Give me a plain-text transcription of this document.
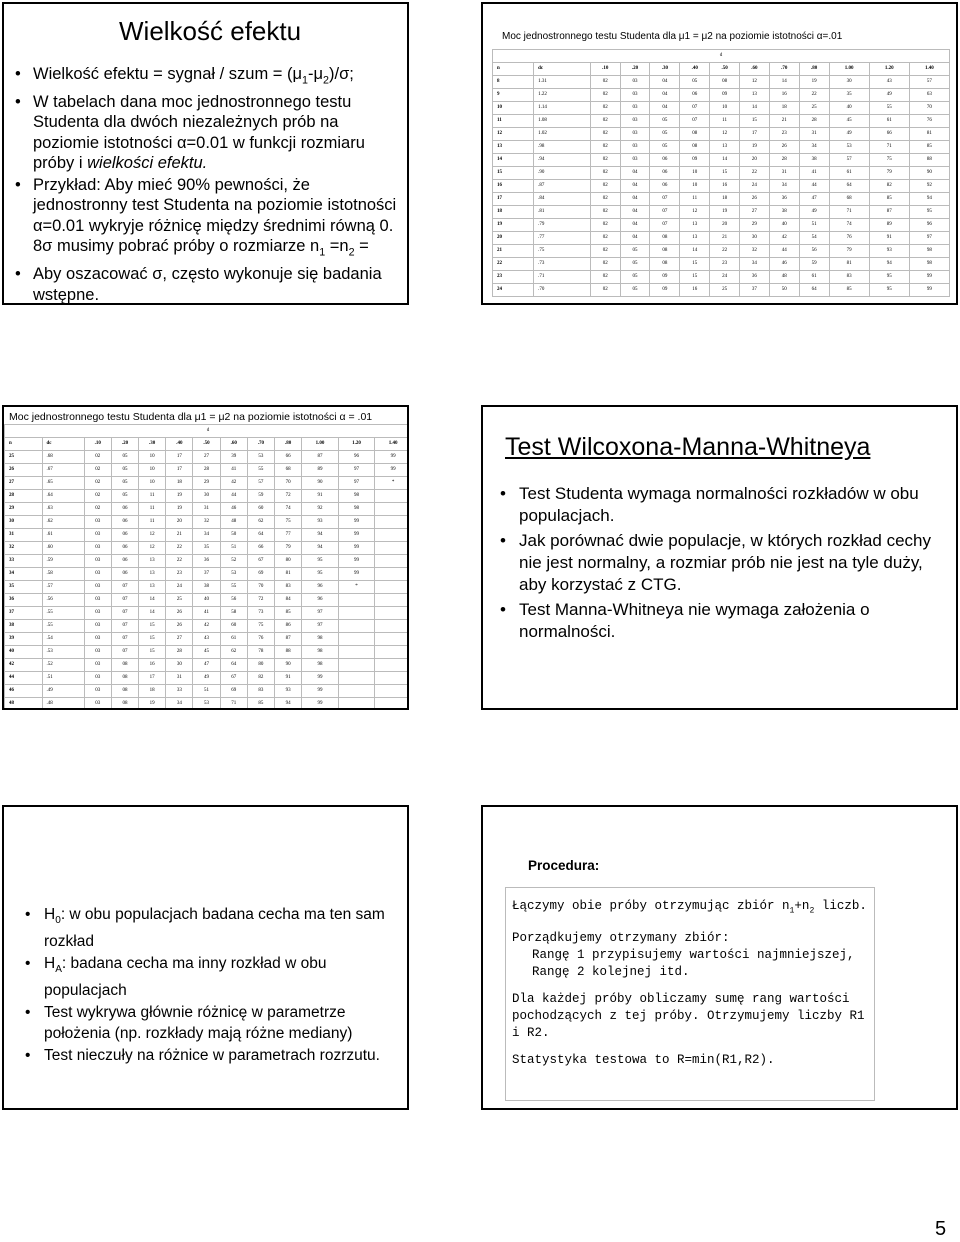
Wielkość efektu
• Wielkość efektu = sygnał / szum = $(\mu_1-\mu_2)/\sigma$;
• W tabelach dana moc jednostronnego testu Studenta dla dwóch niezależnych prób na poziomie istotności α=0.01 w funkcji rozmiaru próby i wielkości efektu.
• Przykład: Aby mieć 90% pewności, że jednostronny test Studenta na poziomie istotności α=0.01 wykryje różnicę między średnimi równą 0. 8σ musimy pobrać próby o rozmiarze $n_1 =n_2$ =
• Aby oszacować σ, często wykonuje się badania wstępne.
Moc jednostronnego testu Studenta dla μ1 = μ2 na poziomie istotności α=.01
d												
n	dc	.10	.20	.30	.40	.50	.60	.70	.80	1.00	1.20	1.40
8	1.31	02	03	04	05	08	12	14	19	30	43	57
9	1.22	02	03	04	06	09	13	16	22	35	49	63
10	1.14	02	03	04	07	10	14	18	25	40	55	70
11	1.08	02	03	05	07	11	15	21	28	45	61	76
12	1.02	02	03	05	08	12	17	23	31	49	66	81
13	.98	02	03	05	08	13	19	26	34	53	71	85
14	.94	02	03	06	09	14	20	28	38	57	75	88
15	.90	02	04	06	10	15	22	31	41	61	79	90
16	.87	02	04	06	10	16	24	34	44	64	82	92
17	.84	02	04	07	11	18	26	36	47	68	85	94
18	.81	02	04	07	12	19	27	38	49	71	87	95
19	.79	02	04	07	13	20	29	40	51	74	89	96
20	.77	02	04	08	13	21	30	42	54	76	91	97
21	.75	02	05	08	14	22	32	44	56	79	93	98
22	.73	02	05	08	15	23	34	46	59	81	94	98
23	.71	02	05	09	15	24	36	48	61	83	95	99
24	.70	02	05	09	16	25	37	50	64	85	95	99
Moc jednostronnego testu Studenta dla μ1 = μ2 na poziomie istotności α = .01
d												
n	dc	.10	.20	.30	.40	.50	.60	.70	.80	1.00	1.20	1.40
25	.68	02	05	10	17	27	39	53	66	87	96	99
26	.67	02	05	10	17	28	41	55	68	89	97	99
27	.65	02	05	10	18	29	42	57	70	90	97	*
28	.64	02	05	11	19	30	44	59	72	91	98	
29	.63	02	06	11	19	31	46	60	74	92	98	
30	.62	03	06	11	20	32	48	62	75	93	99	
31	.61	03	06	12	21	34	50	64	77	94	99	
32	.60	03	06	12	22	35	51	66	79	94	99	
33	.59	03	06	13	22	36	52	67	80	95	99	
34	.58	03	06	13	23	37	53	69	81	95	99	
35	.57	03	07	13	24	38	55	70	83	96	*	
36	.56	03	07	14	25	40	56	72	84	96		
37	.55	03	07	14	26	41	58	73	85	97		
38	.55	03	07	15	26	42	60	75	86	97		
39	.54	03	07	15	27	43	61	76	87	98		
40	.53	03	07	15	28	45	62	78	88	98		
42	.52	03	08	16	30	47	64	80	90	98		
44	.51	03	08	17	31	49	67	82	91	99		
46	.49	03	08	18	33	51	69	83	93	99		
48	.48	03	08	19	34	53	71	85	94	99		
Test Wilcoxona-Manna-Whitneya
• Test Studenta wymaga normalności rozkładów w obu populacjach.
• Jak porównać dwie populacje, w których rozkład cechy nie jest normalny, a rozmiar prób nie jest na tyle duży, aby korzystać z CTG.
• Test Manna-Whitneya nie wymaga założenia o normalności.
• $H_0$: w obu populacjach badana cecha ma ten sam rozkład
• $H_A$: badana cecha ma inny rozkład w obu populacjach
• Test wykrywa głównie różnicę w parametrze położenia (np. rozkłady mają różne mediany)
• Test nieczuły na różnice w parametrach rozrzutu.
Procedura:

Łączymy obie próby otrzymując zbiór $n_1+n_2$ liczb.

Porządkujemy otrzymany zbiór:
Rangę 1 przypisujemy wartości najmniejszej,
Rangę 2 kolejnej itd.

Dla każdej próby obliczamy sumę rang wartości pochodzących z tej próby. Otrzymujemy liczby R1 i R2.

Statystyka testowa to R=min(R1,R2).

5
